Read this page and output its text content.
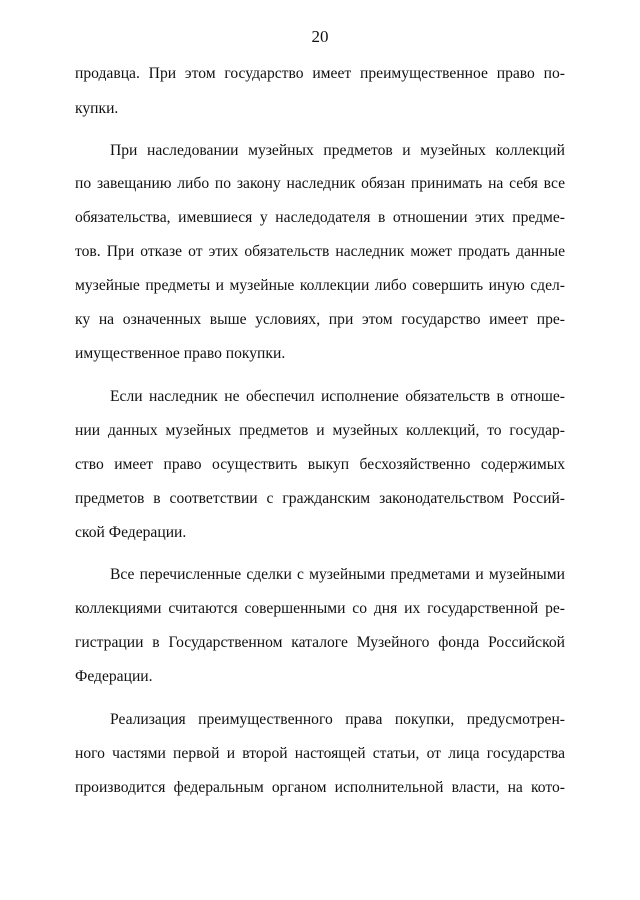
20
продавца. При этом государство имеет преимущественное право по-
купки.
При наследовании музейных предметов и музейных коллекций
по завещанию либо по закону наследник обязан принимать на себя все
обязательства, имевшиеся у наследодателя в отношении этих предме-
тов. При отказе от этих обязательств наследник может продать данные
музейные предметы и музейные коллекции либо совершить иную сдел-
ку на означенных выше условиях, при этом государство имеет пре-
имущественное право покупки.
Если наследник не обеспечил исполнение обязательств в отноше-
нии данных музейных предметов и музейных коллекций, то государ-
ство имеет право осуществить выкуп бесхозяйственно содержимых
предметов в соответствии с гражданским законодательством Россий-
ской Федерации.
Все перечисленные сделки с музейными предметами и музейными
коллекциями считаются совершенными со дня их государственной ре-
гистрации в Государственном каталоге Музейного фонда Российской
Федерации.
Реализация преимущественного права покупки, предусмотрен-
ного частями первой и второй настоящей статьи, от лица государства
производится федеральным органом исполнительной власти, на кото-
